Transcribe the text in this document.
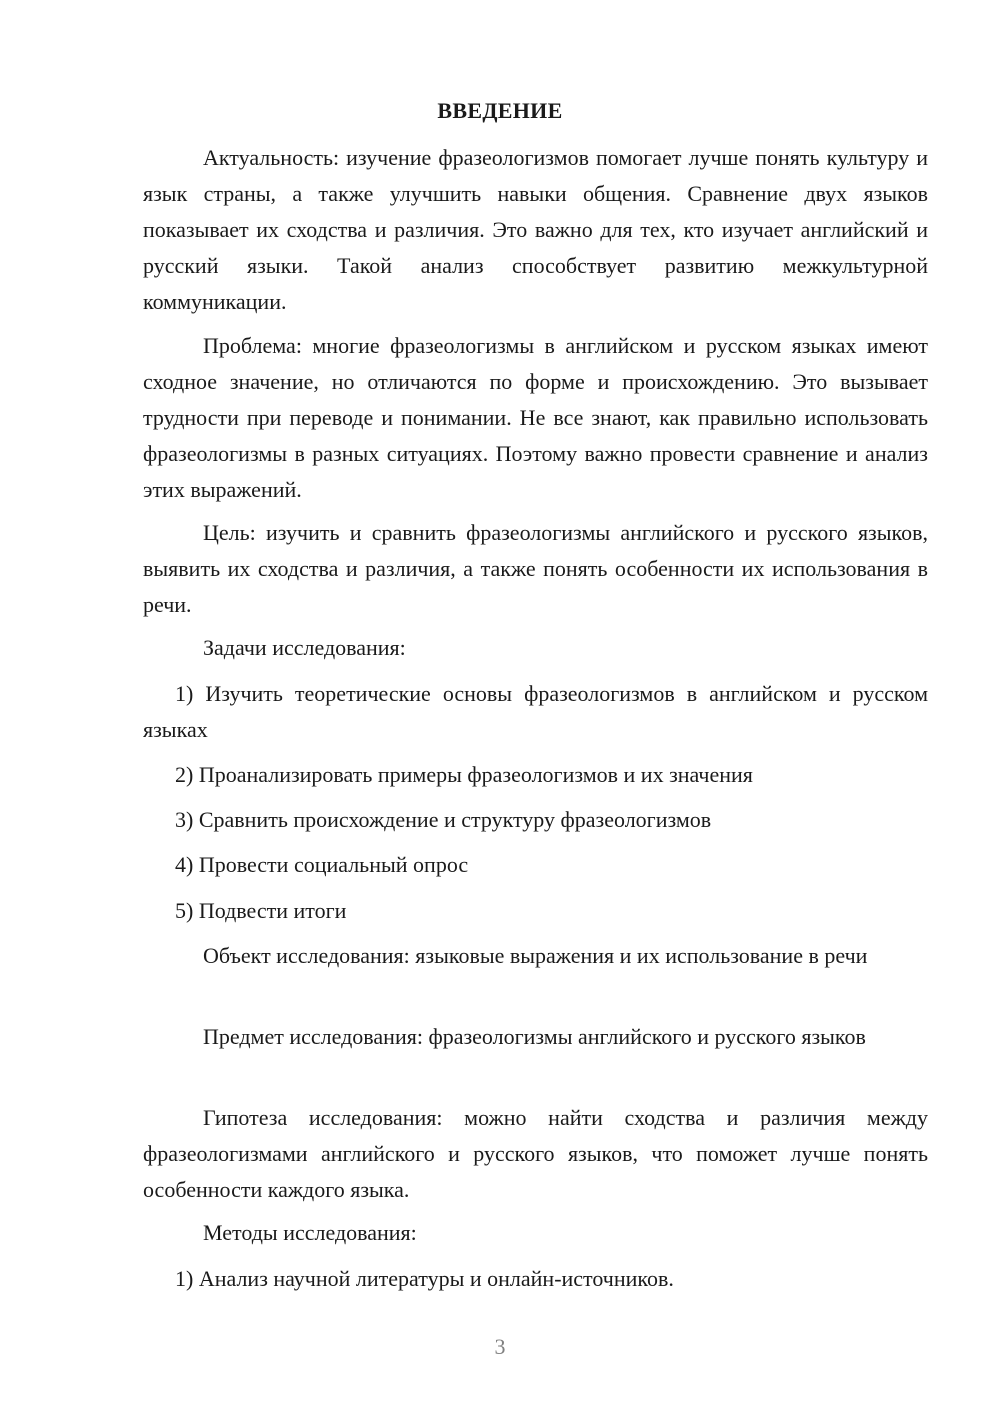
ВВЕДЕНИЕ

Актуальность: изучение фразеологизмов помогает лучше понять культуру и язык страны, а также улучшить навыки общения. Сравнение двух языков показывает их сходства и различия. Это важно для тех, кто изучает английский и русский языки. Такой анализ способствует развитию межкультурной коммуникации.

Проблема: многие фразеологизмы в английском и русском языках имеют сходное значение, но отличаются по форме и происхождению. Это вызывает трудности при переводе и понимании. Не все знают, как правильно использовать фразеологизмы в разных ситуациях. Поэтому важно провести сравнение и анализ этих выражений.

Цель: изучить и сравнить фразеологизмы английского и русского языков, выявить их сходства и различия, а также понять особенности их использования в речи.

Задачи исследования:

1) Изучить теоретические основы фразеологизмов в английском и русском языках

2) Проанализировать примеры фразеологизмов и их значения

3) Сравнить происхождение и структуру фразеологизмов

4) Провести социальный опрос

5) Подвести итоги

Объект исследования: языковые выражения и их использование в речи

Предмет исследования: фразеологизмы английского и русского языков

Гипотеза исследования: можно найти сходства и различия между фразеологизмами английского и русского языков, что поможет лучше понять особенности каждого языка.

Методы исследования:

1) Анализ научной литературы и онлайн-источников.

3
